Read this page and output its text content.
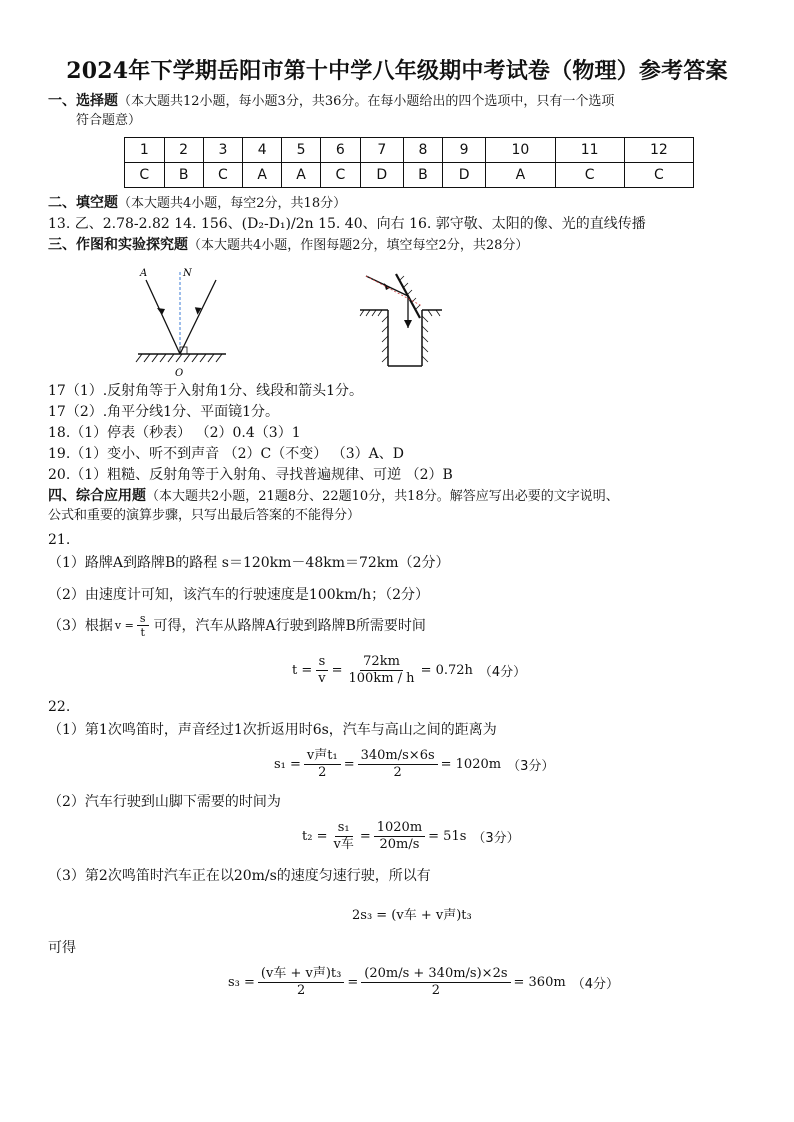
2024年下学期岳阳市第十中学八年级期中考试卷（物理）参考答案
一、选择题（本大题共12小题，每小题3分，共36分。在每小题给出的四个选项中，只有一个选项
符合题意）
1	2	3	4	5	6	7	8	9	10	11	12
C	B	C	A	A	C	D	B	D	A	C	C
二、填空题（本大题共4小题，每空2分，共18分）
13. 乙、2.78-2.82 14. 156、(D₂-D₁)/2n 15. 40、向右 16. 郭守敬、太阳的像、光的直线传播
三、作图和实验探究题（本大题共4小题，作图每题2分，填空每空2分，共28分）
A	N
O
17（1）.反射角等于入射角1分、线段和箭头1分。
17（2）.角平分线1分、平面镜1分。
18.（1）停表（秒表） （2）0.4（3）1
19.（1）变小、听不到声音 （2）C（不变） （3）A、D
20.（1）粗糙、反射角等于入射角、寻找普遍规律、可逆 （2）B
四、综合应用题（本大题共2小题，21题8分、22题10分，共18分。解答应写出必要的文字说明、
公式和重要的演算步骤，只写出最后答案的不能得分）
21.
（1）路牌A到路牌B的路程 s＝120km－48km＝72km（2分）
（2）由速度计可知，该汽车的行驶速度是100km/h；（2分）
（3）根据 $v = \frac{s}{t}$ 可得，汽车从路牌A行驶到路牌B所需要时间
$t = \frac{s}{v} = \frac{72km}{100km / h} = 0.72h$ （4分）
22.
（1）第1次鸣笛时，声音经过1次折返用时6s，汽车与高山之间的距离为
$s_1 = \frac{\text{v声t₁}}{2} = \frac{340m/s\times 6s}{2} = 1020m$ （3分）
（2）汽车行驶到山脚下需要的时间为
$t_2 = \frac{\text{s₁}}{\text{v车}} = \frac{1020m}{20m/s} = 51s$ （3分）
（3）第2次鸣笛时汽车正在以20m/s的速度匀速行驶，所以有
2s₃ = (v车 + v声)t₃
可得
$s_3 = \frac{\text{(v车 + v声)t₃}}{2} = \frac{(20m/s + 340m/s)\times 2s}{2} = 360m$ （4分）
